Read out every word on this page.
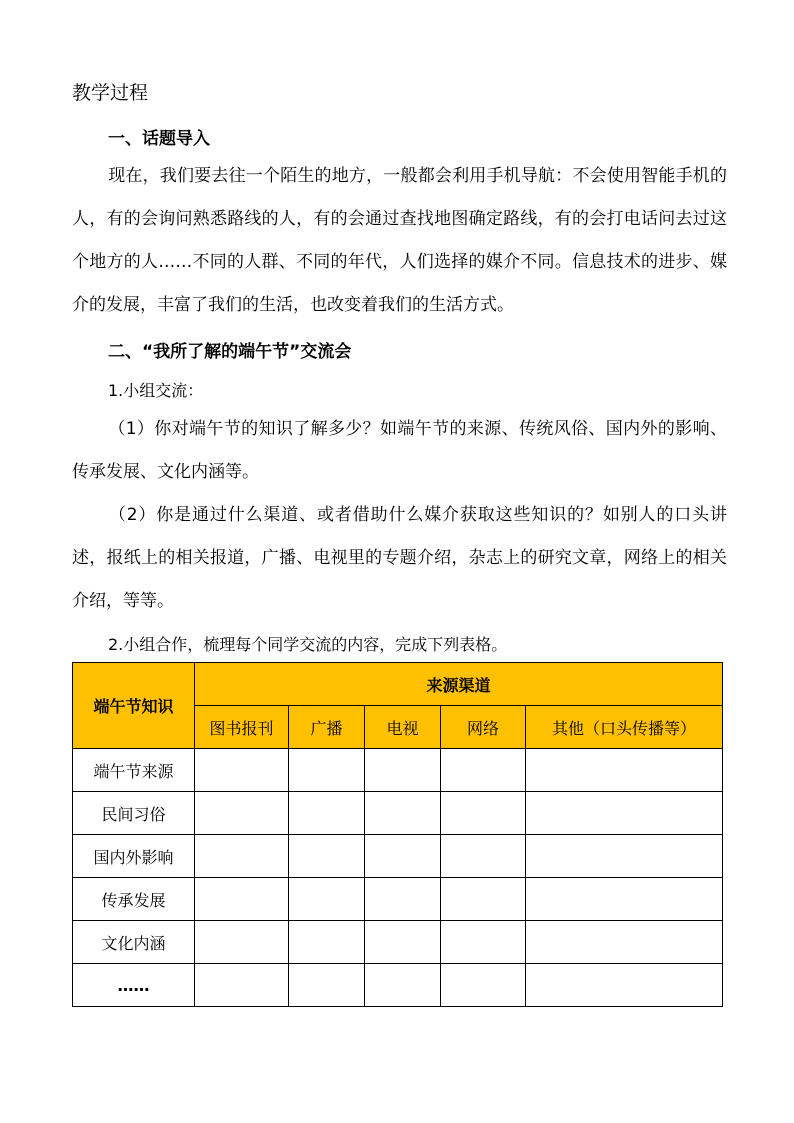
教学过程
一、话题导入
现在，我们要去往一个陌生的地方，一般都会利用手机导航：不会使用智能手机的人，有的会询问熟悉路线的人，有的会通过查找地图确定路线，有的会打电话问去过这个地方的人……不同的人群、不同的年代，人们选择的媒介不同。信息技术的进步、媒介的发展，丰富了我们的生活，也改变着我们的生活方式。
二、“我所了解的端午节”交流会
1.小组交流：
（1）你对端午节的知识了解多少？如端午节的来源、传统风俗、国内外的影响、传承发展、文化内涵等。
（2）你是通过什么渠道、或者借助什么媒介获取这些知识的？如别人的口头讲述，报纸上的相关报道，广播、电视里的专题介绍，杂志上的研究文章，网络上的相关介绍，等等。
2.小组合作，梳理每个同学交流的内容，完成下列表格。
端午节知识	来源渠道				
	图书报刊	广播	电视	网络	其他（口头传播等）
端午节来源					
民间习俗					
国内外影响					
传承发展					
文化内涵					
……					
